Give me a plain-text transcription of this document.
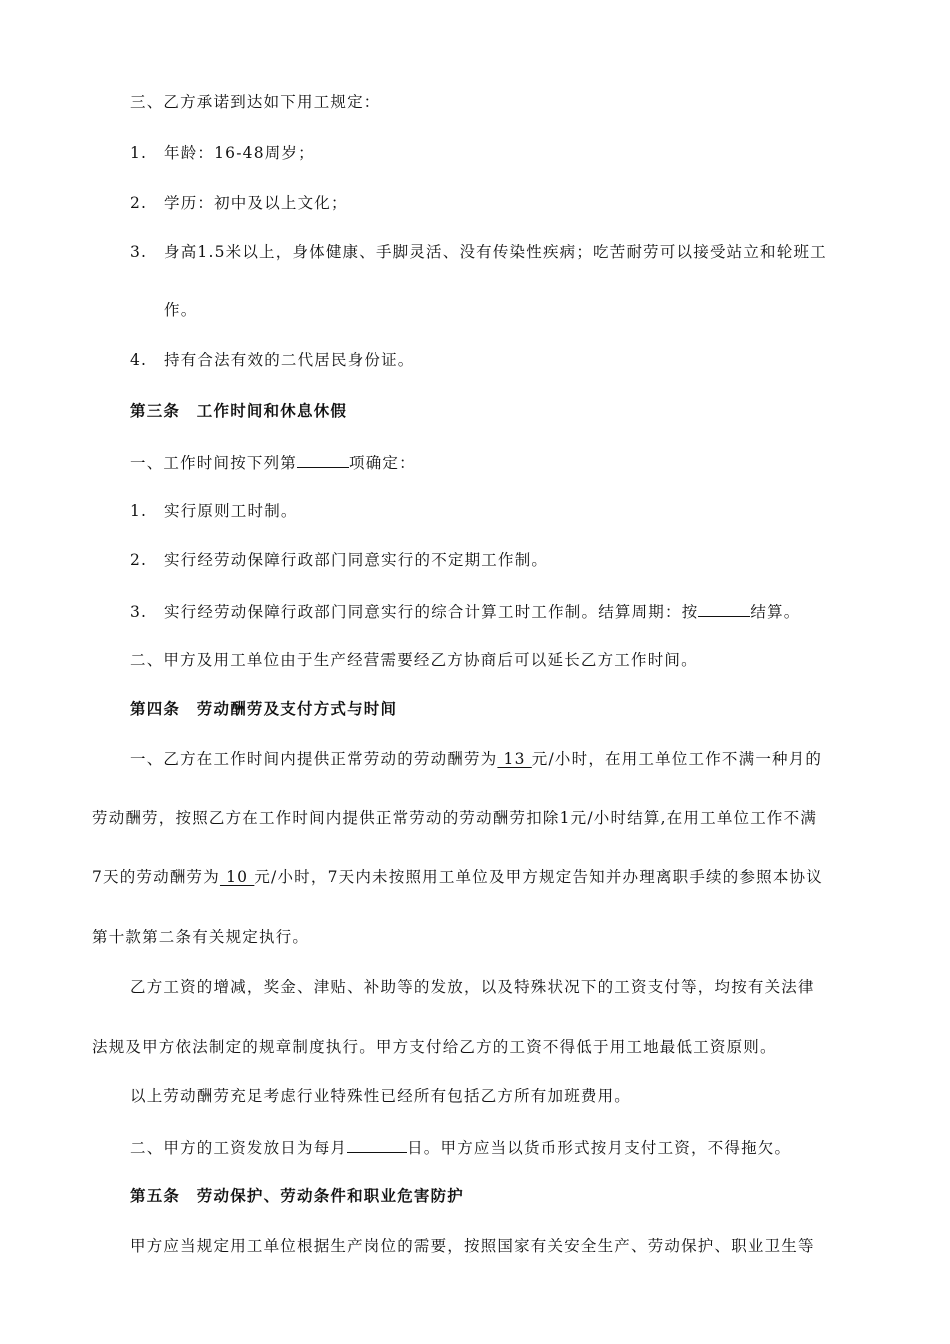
三、乙方承诺到达如下用工规定：
1. 年龄：16-48周岁；
2. 学历：初中及以上文化；
3. 身高1.5米以上，身体健康、手脚灵活、没有传染性疾病；吃苦耐劳可以接受站立和轮班工
作。
4. 持有合法有效的二代居民身份证。
第三条　工作时间和休息休假
一、工作时间按下列第	项确定：
1. 实行原则工时制。
2. 实行经劳动保障行政部门同意实行的不定期工作制。
3. 实行经劳动保障行政部门同意实行的综合计算工时工作制。结算周期：按	结算。
二、甲方及用工单位由于生产经营需要经乙方协商后可以延长乙方工作时间。
第四条　劳动酬劳及支付方式与时间
一、乙方在工作时间内提供正常劳动的劳动酬劳为 13 元/小时，在用工单位工作不满一种月的
劳动酬劳，按照乙方在工作时间内提供正常劳动的劳动酬劳扣除1元/小时结算,在用工单位工作不满
7天的劳动酬劳为 10 元/小时，7天内未按照用工单位及甲方规定告知并办理离职手续的参照本协议
第十款第二条有关规定执行。
乙方工资的增减，奖金、津贴、补助等的发放，以及特殊状况下的工资支付等，均按有关法律
法规及甲方依法制定的规章制度执行。甲方支付给乙方的工资不得低于用工地最低工资原则。
以上劳动酬劳充足考虑行业特殊性已经所有包括乙方所有加班费用。
二、甲方的工资发放日为每月	日。甲方应当以货币形式按月支付工资，不得拖欠。
第五条　劳动保护、劳动条件和职业危害防护
甲方应当规定用工单位根据生产岗位的需要，按照国家有关安全生产、劳动保护、职业卫生等
